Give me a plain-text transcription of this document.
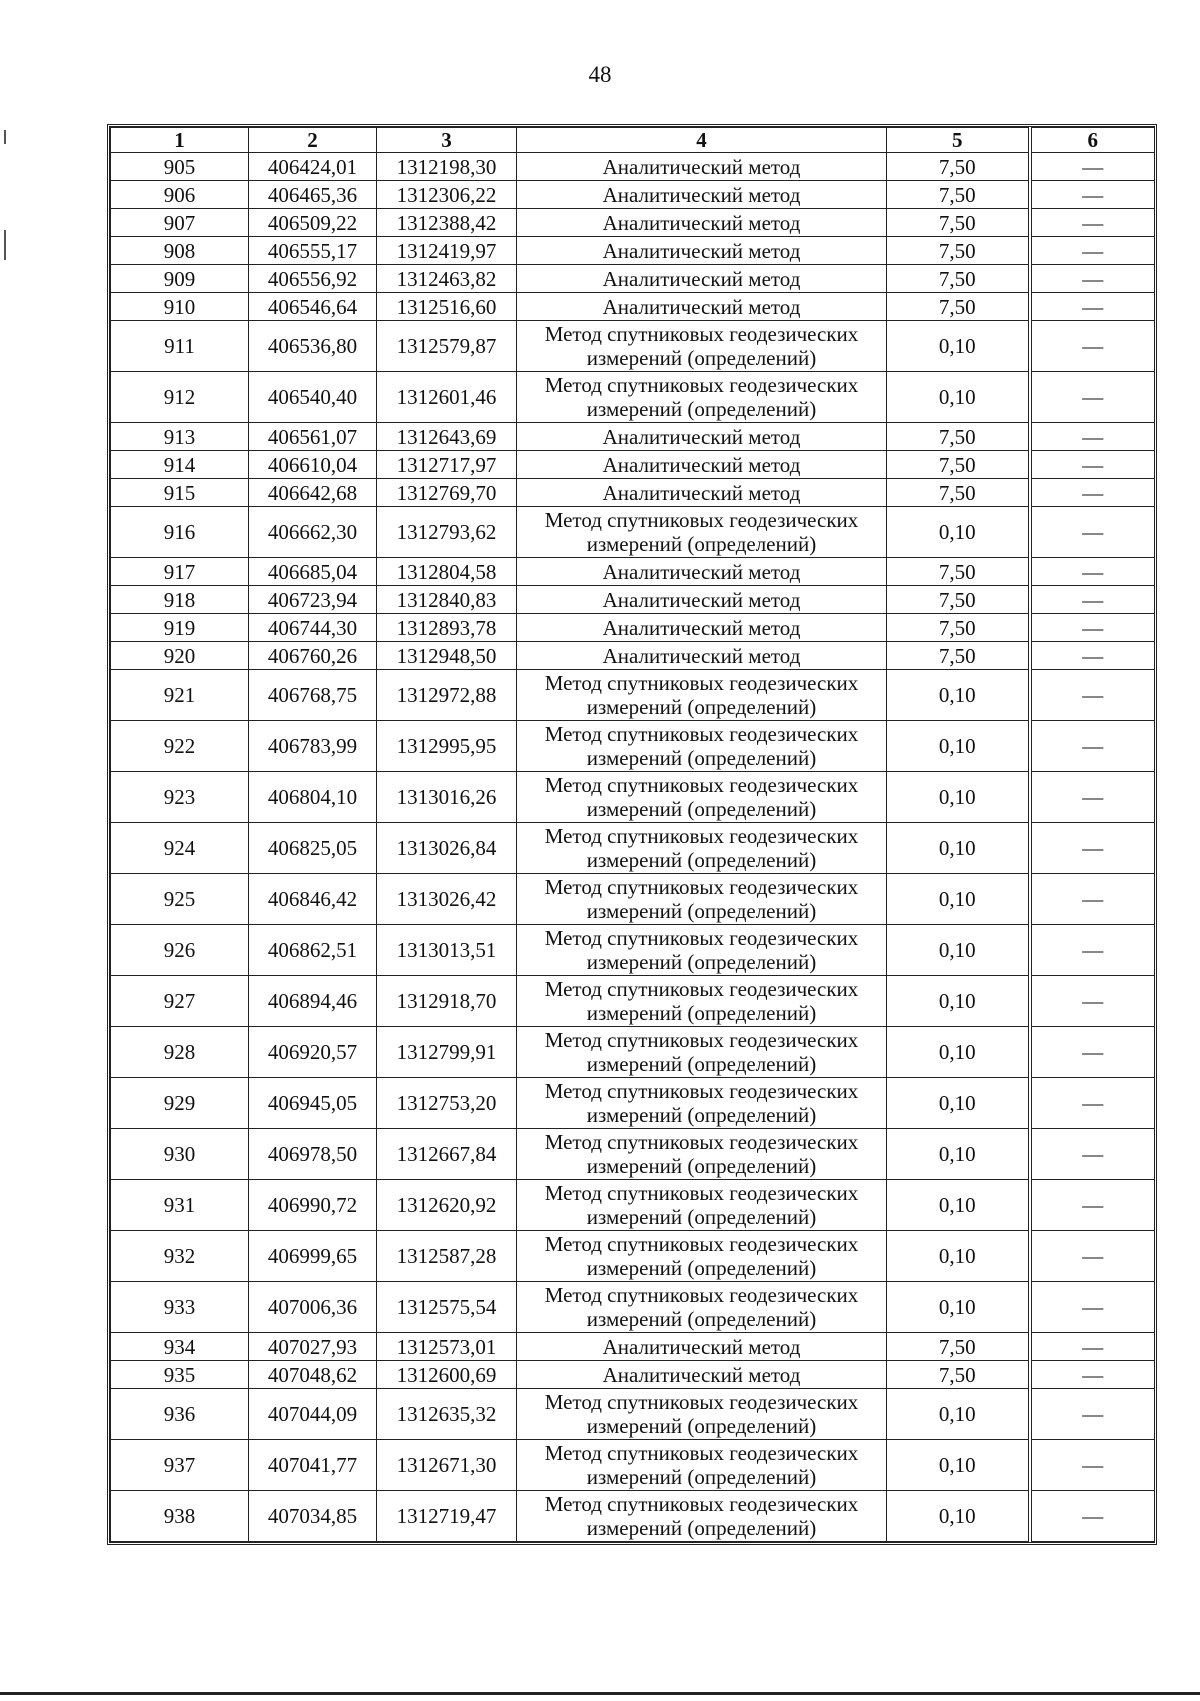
48
1	2	3	4	5	6
905	406424,01	1312198,30	Аналитический метод	7,50	—
906	406465,36	1312306,22	Аналитический метод	7,50	—
907	406509,22	1312388,42	Аналитический метод	7,50	—
908	406555,17	1312419,97	Аналитический метод	7,50	—
909	406556,92	1312463,82	Аналитический метод	7,50	—
910	406546,64	1312516,60	Аналитический метод	7,50	—
911	406536,80	1312579,87	Метод спутниковых геодезических измерений (определений)	0,10	—
912	406540,40	1312601,46	Метод спутниковых геодезических измерений (определений)	0,10	—
913	406561,07	1312643,69	Аналитический метод	7,50	—
914	406610,04	1312717,97	Аналитический метод	7,50	—
915	406642,68	1312769,70	Аналитический метод	7,50	—
916	406662,30	1312793,62	Метод спутниковых геодезических измерений (определений)	0,10	—
917	406685,04	1312804,58	Аналитический метод	7,50	—
918	406723,94	1312840,83	Аналитический метод	7,50	—
919	406744,30	1312893,78	Аналитический метод	7,50	—
920	406760,26	1312948,50	Аналитический метод	7,50	—
921	406768,75	1312972,88	Метод спутниковых геодезических измерений (определений)	0,10	—
922	406783,99	1312995,95	Метод спутниковых геодезических измерений (определений)	0,10	—
923	406804,10	1313016,26	Метод спутниковых геодезических измерений (определений)	0,10	—
924	406825,05	1313026,84	Метод спутниковых геодезических измерений (определений)	0,10	—
925	406846,42	1313026,42	Метод спутниковых геодезических измерений (определений)	0,10	—
926	406862,51	1313013,51	Метод спутниковых геодезических измерений (определений)	0,10	—
927	406894,46	1312918,70	Метод спутниковых геодезических измерений (определений)	0,10	—
928	406920,57	1312799,91	Метод спутниковых геодезических измерений (определений)	0,10	—
929	406945,05	1312753,20	Метод спутниковых геодезических измерений (определений)	0,10	—
930	406978,50	1312667,84	Метод спутниковых геодезических измерений (определений)	0,10	—
931	406990,72	1312620,92	Метод спутниковых геодезических измерений (определений)	0,10	—
932	406999,65	1312587,28	Метод спутниковых геодезических измерений (определений)	0,10	—
933	407006,36	1312575,54	Метод спутниковых геодезических измерений (определений)	0,10	—
934	407027,93	1312573,01	Аналитический метод	7,50	—
935	407048,62	1312600,69	Аналитический метод	7,50	—
936	407044,09	1312635,32	Метод спутниковых геодезических измерений (определений)	0,10	—
937	407041,77	1312671,30	Метод спутниковых геодезических измерений (определений)	0,10	—
938	407034,85	1312719,47	Метод спутниковых геодезических измерений (определений)	0,10	—
